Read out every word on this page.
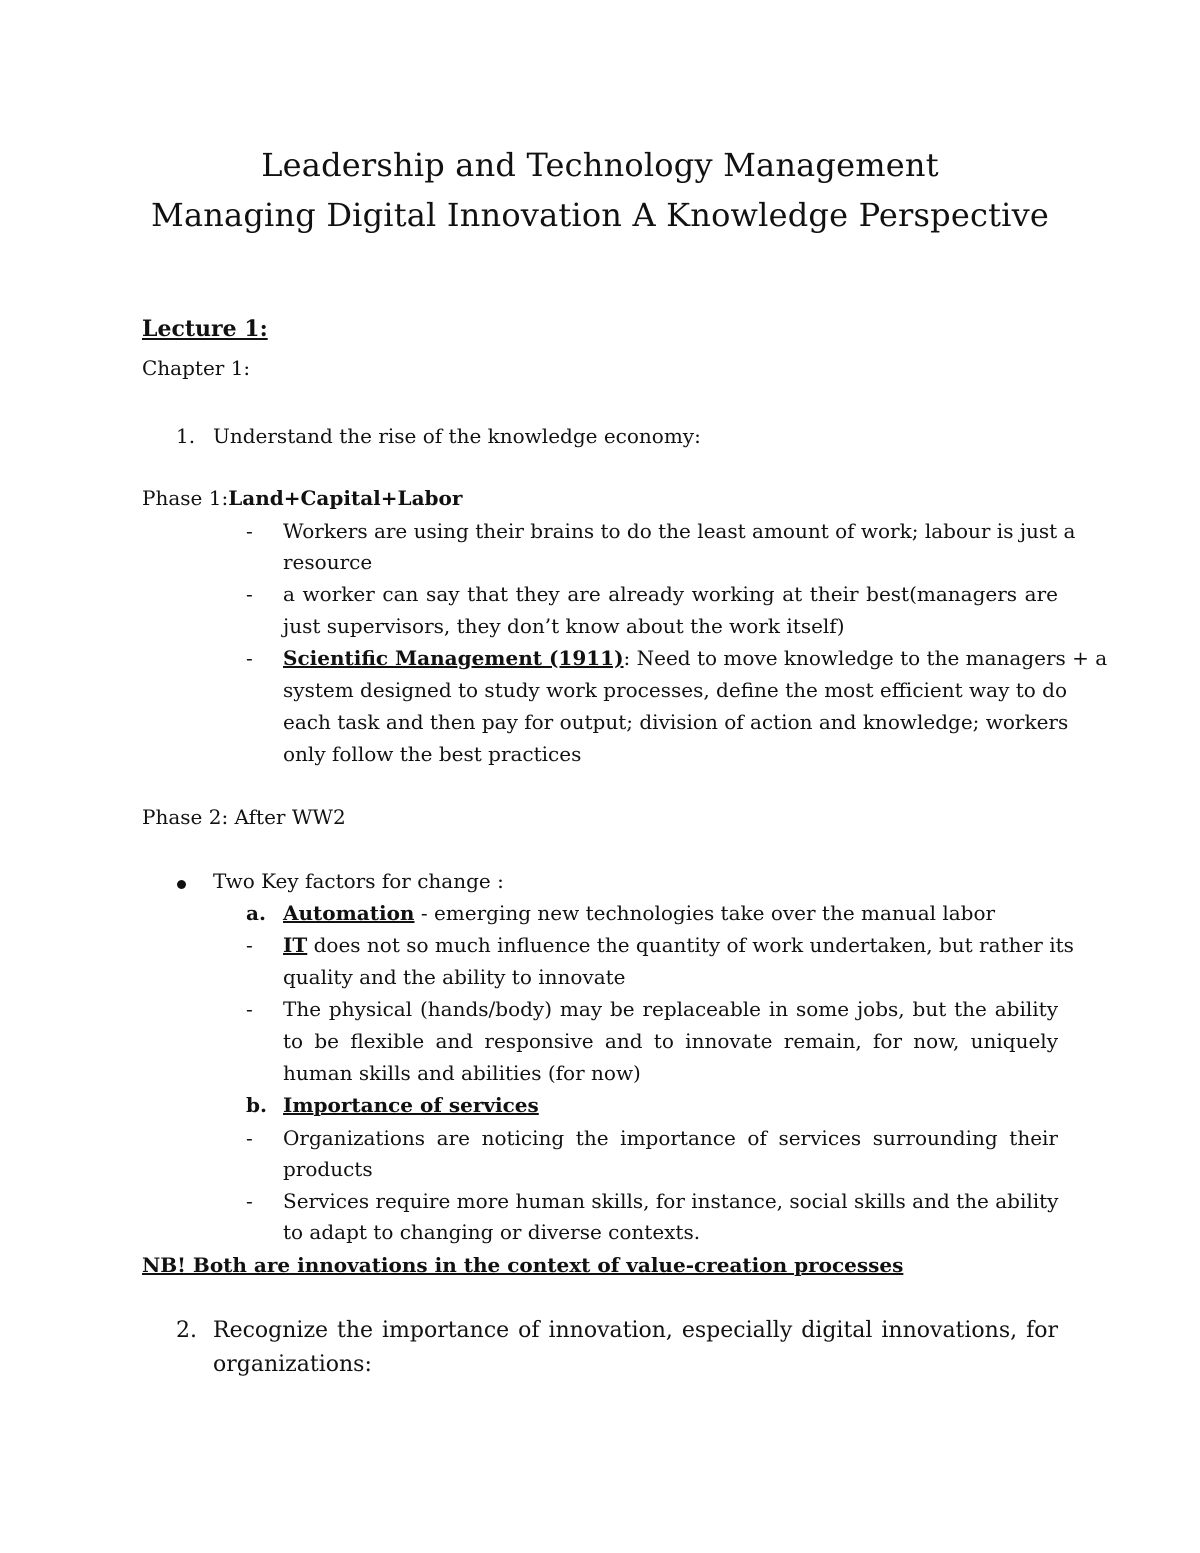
Leadership and Technology Management
Managing Digital Innovation A Knowledge Perspective
Lecture 1:
Chapter 1:
1. Understand the rise of the knowledge economy:
Phase 1:Land+Capital+Labor
- Workers are using their brains to do the least amount of work; labour is just a
resource
- a worker can say that they are already working at their best(managers are
just supervisors, they don’t know about the work itself)
- Scientific Management (1911): Need to move knowledge to the managers + a
system designed to study work processes, define the most efficient way to do
each task and then pay for output; division of action and knowledge; workers
only follow the best practices
Phase 2: After WW2
Two Key factors for change :
a. Automation - emerging new technologies take over the manual labor
- IT does not so much influence the quantity of work undertaken, but rather its
quality and the ability to innovate
- The physical (hands/body) may be replaceable in some jobs, but the ability
to be flexible and responsive and to innovate remain, for now, uniquely
human skills and abilities (for now)
b. Importance of services
- Organizations are noticing the importance of services surrounding their
products
- Services require more human skills, for instance, social skills and the ability
to adapt to changing or diverse contexts.
NB! Both are innovations in the context of value-creation processes
2. Recognize the importance of innovation, especially digital innovations, for
organizations:
